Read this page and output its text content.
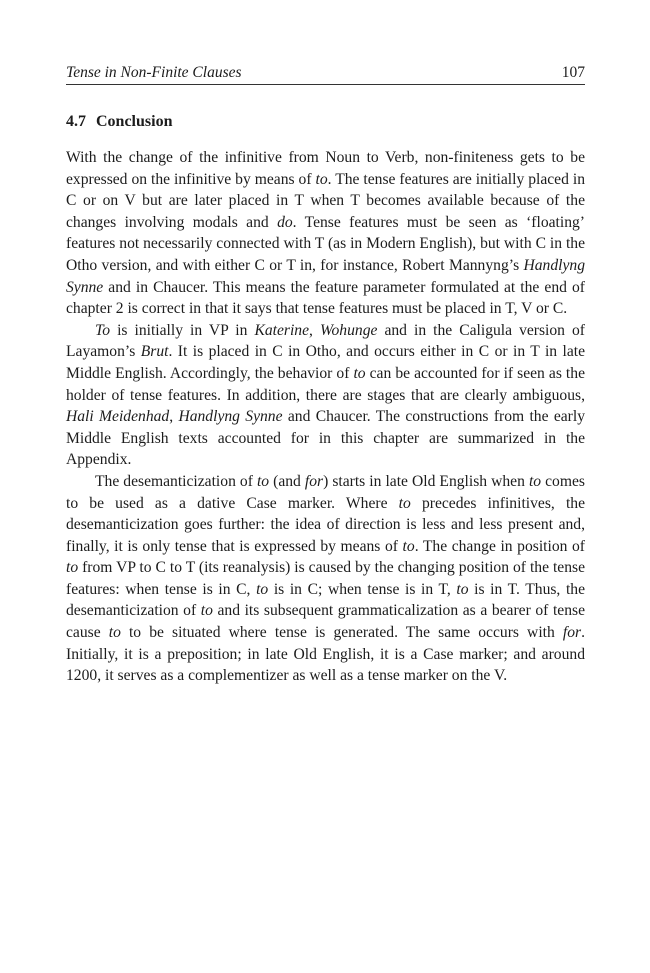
Tense in Non-Finite Clauses	107
4.7 Conclusion

With the change of the infinitive from Noun to Verb, non-finiteness gets to be expressed on the infinitive by means of to. The tense features are initially placed in C or on V but are later placed in T when T becomes available because of the changes involving modals and do. Tense features must be seen as ‘floating’ features not necessarily connected with T (as in Modern English), but with C in the Otho version, and with either C or T in, for instance, Robert Mannyng’s Handlyng Synne and in Chaucer. This means the feature parameter formulated at the end of chapter 2 is correct in that it says that tense features must be placed in T, V or C.

To is initially in VP in Katerine, Wohunge and in the Caligula version of Layamon’s Brut. It is placed in C in Otho, and occurs either in C or in T in late Middle English. Accordingly, the behavior of to can be accounted for if seen as the holder of tense features. In addition, there are stages that are clearly ambiguous, Hali Meidenhad, Handlyng Synne and Chaucer. The constructions from the early Middle English texts accounted for in this chapter are summarized in the Appendix.

The desemanticization of to (and for) starts in late Old English when to comes to be used as a dative Case marker. Where to precedes infinitives, the desemanticization goes further: the idea of direction is less and less present and, finally, it is only tense that is expressed by means of to. The change in position of to from VP to C to T (its reanalysis) is caused by the changing position of the tense features: when tense is in C, to is in C; when tense is in T, to is in T. Thus, the desemanticization of to and its subsequent grammaticalization as a bearer of tense cause to to be situated where tense is generated. The same occurs with for. Initially, it is a preposition; in late Old English, it is a Case marker; and around 1200, it serves as a complementizer as well as a tense marker on the V.
